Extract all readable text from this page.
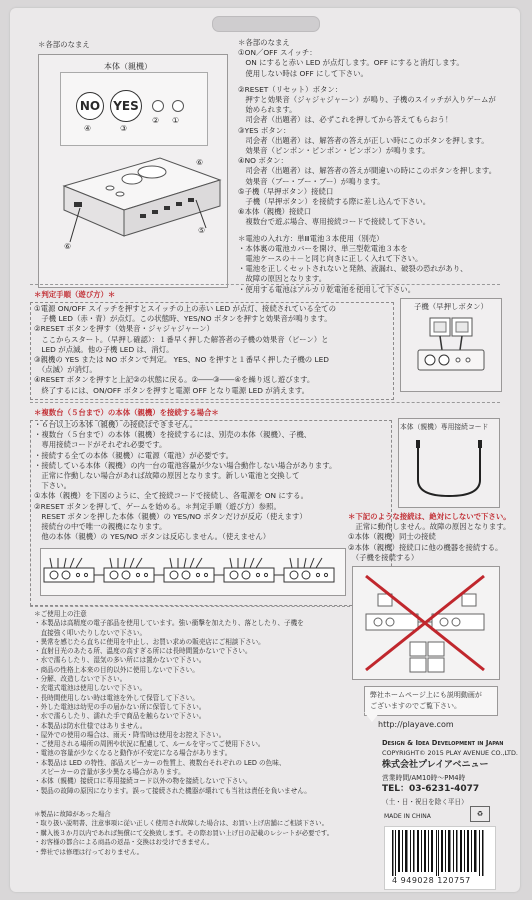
＊各部のなまえ
本体（親機）
NO	YES
④	③
② ①
⑥
⑤
⑥
＊各部のなまえ
①ON／OFF スイッチ：
　ON にすると赤い LED が点灯します。OFF にすると消灯します。
　使用しない時は OFF にして下さい。
②RESET（リセット）ボタン：
　押すと効果音（ジャジャジャーン）が鳴り、子機のスイッチが入りゲームが
　始められます。
　司会者（出題者）は、必ずこれを押してから答えてもらおう！
③YES ボタン：
　司会者（出題者）は、解答者の答えが正しい時にこのボタンを押します。
　効果音（ピンポン・ピンポン・ピンポン）が鳴ります。
④NO ボタン：
　司会者（出題者）は、解答者の答えが間違いの時にこのボタンを押します。
　効果音（ブー・ブー・ブー）が鳴ります。
⑤子機（早押ボタン）接続口
　子機（早押ボタン）を接続する際に差し込んで下さい。
⑥本体（親機）接続口
　複数台で遊ぶ場合、専用接続コードで接続して下さい。
＊電池の入れ方：単Ⅲ電池３本使用（別売）
・本体裏の電池カバーを開け、単三型乾電池３本を
　電池ケースの＋－と同じ向きに正しく入れて下さい。
・電池を正しくセットされないと発熱、液漏れ、破裂の恐れがあり、
　故障の原因となります。
・使用する電池はアルカリ乾電池を使用して下さい。
＊判定手順（遊び方）＊
①電源 ON/OFF スイッチを押すとスイッチの上の赤い LED が点灯、接続されている全ての
　子機 LED（赤・青）が点灯。この状態時、YES/NO ボタンを押すと効果音が鳴ります。
②RESET ボタンを押す（効果音・ジャジャジャーン）
　ここからスタート。（早押し確認）：１番早く押した解答者の子機の効果音（ビーン）と
　LED が点滅。他の子機 LED は、消灯。
③親機の YES または NO ボタンで判定。 YES、NO を押すと１番早く押した子機の LED
　（点滅）が消灯。
④RESET ボタンを押すと上記②の状態に戻る。②――③――④を繰り返し遊びます。
　終了するには、ON/OFF ボタンを押すと電源 OFF となり電源 LED が消えます。
子機（早押しボタン）
＊複数台（５台まで）の本体（親機）を接続する場合＊
・６台以上の本体（親機）の接続はできません。
・複数台（５台まで）の本体（親機）を接続するには、別売の本体（親機）、子機、
　専用接続コードがそれぞれ必要です。
・接続する全ての本体（親機）に電源（電池）が必要です。
・接続している本体（親機）の内一台の電池容量が少ない場合動作しない場合があります。
　正常に作動しない場合があれば故障の原因となります。新しい電池と交換して
　下さい。
①本体（親機）を下図のように、全て接続コードで接続し、各電源を ON にする。
②RESET ボタンを押して、ゲームを始める。＊判定手順（遊び方）参照。
　RESET ボタンを押した本体（親機）の YES/NO ボタンだけが反応（使えます）
　接続台の中で唯一の親機になります。
　他の本体（親機）の YES/NO ボタンは反応しません。（使えません）
本体（親機）専用接続コード
＊下記のような接続は、絶対にしないで下さい。
　正常に動作しません。故障の原因となります。
①本体（親機）同士の接続
②本体（親機）接続口に他の機器を接続する。
　（子機を接続する）
＊ご使用上の注意
・本製品は高精度の電子部品を使用しています。強い衝撃を加えたり、落としたり、子機を
　直接強く叩いたりしないで下さい。
・異常を感じたら直ちに使用を中止し、お買い求めの販売店にご相談下さい。
・直射日光のあたる所、温度の高すぎる所には長時間置かないで下さい。
・水で濡らしたり、湿気の多い所には置かないで下さい。
・商品の性格上本来の目的以外に使用しないで下さい。
・分解、改造しないで下さい。
・充電式電池は使用しないで下さい。
・長時間使用しない時は電池を外して保管して下さい。
・外した電池は幼児の手の届かない所に保管して下さい。
・水で濡らしたり、濡れた手で商品を触らないで下さい。
・本製品は防水仕様ではありません。
・屋外での使用の場合は、雨天・降雪時は使用をお控え下さい。
・ご使用される場所の周囲や状況に配慮して、ルールを守ってご使用下さい。
・電池の容量が少なくなると動作が不安定になる場合があります。
・本製品は LED の特性、部品スピーカーの性質上、複数台それぞれの LED の色味、
　スピーカーの音量が多少異なる場合があります。
・本体（親機）接続口に専用接続コード以外の物を接続しないで下さい。
・製品の故障の原因になります。誤って接続された機器が壊れても当社は責任を負いません。
＊製品に故障があった場合
・取り扱い説明書、注意事項に従い正しく使用され故障した場合は、お買い上げ店舗にご相談下さい。
・購入後３か月以内であれば無償にて交換致します。その際お買い上げ日の記載のレシートが必要です。
・お客様の都合による商品の返品・交換はお受けできません。
・弊社では修理は行っておりません。
弊社ホームページ上にも説明動画が
ございますのでご覧下さい。
http://playave.com
Design & Idea Development in Japan
COPYRIGHT© 2015 PLAY AVENUE CO.,LTD.
株式会社プレイアベニュー
営業時間/AM10時～PM4時
TEL：03-6231-4077
（土・日・祝日を除く平日）
MADE IN CHINA	♻
4 949028 120757
